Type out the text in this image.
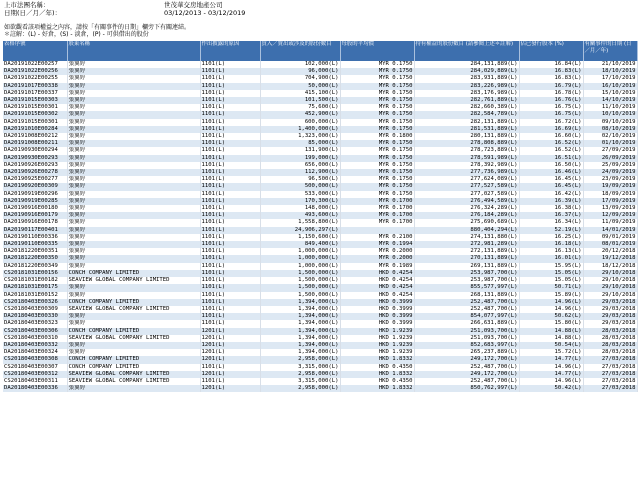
上市法團名稱：	世茂華交房地產公司
日期(日／月／年)：	03/12/2013 - 03/12/2019
如欲觀看該項權益之內容，請按「有關事件的日期」欄旁下有關連結。
＊註解：(L) - 好倉，(S) - 淡倉，(P) - 可供借出的股份
表格序號	股東名稱	作出披露的原因	買入／賣出或涉及的股份數目	每股的平均價	持有權益的股份數目 (請參閱上述＊註解)	佔已發行股本 (%)	有關事件的日期 (日／月／年)
DA20191022E00257	張翼婷	1101(L)	102,000(L)	MYR 0.1750	284,131,889(L)	16.84(L)	21/10/2019
DA20191022E00256	張翼婷	1101(L)	96,000(L)	MYR 0.1750	284,029,889(L)	16.83(L)	18/10/2019
DA20191022E00255	張翼婷	1101(L)	704,900(L)	MYR 0.1750	283,931,889(L)	16.83(L)	17/10/2019
DA20191017E00338	張翼婷	1101(L)	50,000(L)	MYR 0.1750	283,226,989(L)	16.79(L)	16/10/2019
DA20191017E00337	張翼婷	1101(L)	415,100(L)	MYR 0.1750	283,176,989(L)	16.78(L)	15/10/2019
DA20191015E00303	張翼婷	1101(L)	101,500(L)	MYR 0.1750	282,761,889(L)	16.76(L)	14/10/2019
DA20191015E00301	張翼婷	1101(L)	75,600(L)	MYR 0.1750	282,660,389(L)	16.75(L)	11/10/2019
DA20191015E00302	張翼婷	1101(L)	452,900(L)	MYR 0.1750	282,584,789(L)	16.75(L)	10/10/2019
DA20191015E00301	張翼婷	1101(L)	600,000(L)	MYR 0.1750	282,131,889(L)	16.72(L)	09/10/2019
DA20191010E00284	張翼婷	1101(L)	1,400,000(L)	MYR 0.1750	281,531,889(L)	16.69(L)	08/10/2019
DA20191008E00212	張翼婷	1101(L)	1,323,000(L)	MYR 0.1800	280,131,889(L)	16.60(L)	02/10/2019
DA20191008E00211	張翼婷	1101(L)	85,000(L)	MYR 0.1750	278,808,889(L)	16.52(L)	01/10/2019
DA20190930E00294	張翼婷	1101(L)	131,900(L)	MYR 0.1750	278,723,889(L)	16.52(L)	27/09/2019
DA20190930E00293	張翼婷	1101(L)	199,000(L)	MYR 0.1750	278,591,989(L)	16.51(L)	26/09/2019
DA20190926E00293	張翼婷	1101(L)	656,000(L)	MYR 0.1750	278,392,989(L)	16.50(L)	25/09/2019
DA20190926E00278	張翼婷	1101(L)	112,900(L)	MYR 0.1750	277,736,989(L)	16.46(L)	24/09/2019
DA20190925E00277	張翼婷	1101(L)	96,500(L)	MYR 0.1750	277,624,089(L)	16.45(L)	23/09/2019
DA20190920E00309	張翼婷	1101(L)	500,000(L)	MYR 0.1750	277,527,589(L)	16.45(L)	19/09/2019
DA20190919E00296	張翼婷	1101(L)	533,000(L)	MYR 0.1750	277,027,589(L)	16.42(L)	18/09/2019
DA20190919E00285	張翼婷	1101(L)	170,300(L)	MYR 0.1700	276,494,589(L)	16.39(L)	17/09/2019
DA20190916E00180	張翼婷	1101(L)	148,000(L)	MYR 0.1700	276,324,289(L)	16.38(L)	13/09/2019
DA20190916E00179	張翼婷	1101(L)	493,600(L)	MYR 0.1700	276,184,289(L)	16.37(L)	12/09/2019
DA20190916E00178	張翼婷	1101(L)	1,558,800(L)	MYR 0.1700	275,690,689(L)	16.34(L)	11/09/2019
DA20190117E00401	張翼婷	1101(L)	24,906,297(L)		880,404,294(L)	52.19(L)	14/01/2019
DA20190110E00336	張翼婷	1101(L)	1,150,600(L)	MYR 0.2100	274,131,880(L)	16.25(L)	09/01/2019
DA20190110E00335	張翼婷	1101(L)	849,400(L)	MYR 0.1994	272,981,289(L)	16.18(L)	08/01/2019
DA20181220E00351	張翼婷	1101(L)	1,000,000(L)	MYR 0.2000	272,131,889(L)	16.13(L)	20/12/2018
DA20181220E00350	張翼婷	1101(L)	1,000,000(L)	MYR 0.2000	270,131,889(L)	16.01(L)	19/12/2018
DA20181220E00349	張翼婷	1101(L)	1,000,000(L)	MYR 0.1989	269,131,889(L)	15.95(L)	18/12/2018
CS20181031E00156	CONCH COMPANY LIMITED	1101(L)	1,500,000(L)	HKD 0.4254	253,987,700(L)	15.05(L)	29/10/2018
CS20181031E00182	SEAVIEW GLOBAL COMPANY LIMITED	1101(L)	1,500,000(L)	HKD 0.4254	253,987,700(L)	15.05(L)	29/10/2018
DA20181031E00175	張翼婷	1101(L)	1,500,000(L)	HKD 0.4254	855,577,997(L)	50.71(L)	29/10/2018
DA20181031E00152	張翼婷	1101(L)	1,500,000(L)	HKD 0.4254	268,131,889(L)	15.89(L)	29/10/2018
CS20180403E00326	CONCH COMPANY LIMITED	1101(L)	1,394,000(L)	HKD 0.3999	252,487,700(L)	14.96(L)	29/03/2018
CS20180403E00309	SEAVIEW GLOBAL COMPANY LIMITED	1101(L)	1,394,000(L)	HKD 0.3999	252,487,700(L)	14.96(L)	29/03/2018
DA20180403E00330	張翼婷	1101(L)	1,394,000(L)	HKD 0.3999	854,077,997(L)	50.62(L)	29/03/2018
DA20180403E00323	張翼婷	1101(L)	1,394,000(L)	HKD 0.3999	266,631,889(L)	15.80(L)	29/03/2018
CS20180403E00306	CONCH COMPANY LIMITED	1201(L)	1,394,000(L)	HKD 1.9239	251,093,700(L)	14.88(L)	28/03/2018
CS20180403E00310	SEAVIEW GLOBAL COMPANY LIMITED	1201(L)	1,394,000(L)	HKD 1.9239	251,093,700(L)	14.88(L)	28/03/2018
DA20180403E00332	張翼婷	1201(L)	1,394,000(L)	HKD 1.9239	852,683,997(L)	50.54(L)	28/03/2018
DA20180403E00324	張翼婷	1201(L)	1,394,000(L)	HKD 1.9239	265,237,889(L)	15.72(L)	28/03/2018
CS20180403E00308	CONCH COMPANY LIMITED	1201(L)	2,958,000(L)	HKD 1.8332	249,172,700(L)	14.77(L)	27/03/2018
CS20180403E00307	CONCH COMPANY LIMITED	1101(L)	3,315,000(L)	HKD 0.4350	252,487,700(L)	14.96(L)	27/03/2018
CS20180403E00312	SEAVIEW GLOBAL COMPANY LIMITED	1201(L)	2,958,000(L)	HKD 1.8332	249,172,700(L)	14.77(L)	27/03/2018
CS20180403E00311	SEAVIEW GLOBAL COMPANY LIMITED	1101(L)	3,315,000(L)	HKD 0.4350	252,487,700(L)	14.96(L)	27/03/2018
DA20180403E00336	張翼婷	1201(L)	2,958,000(L)	HKD 1.8332	850,762,997(L)	50.42(L)	27/03/2018
